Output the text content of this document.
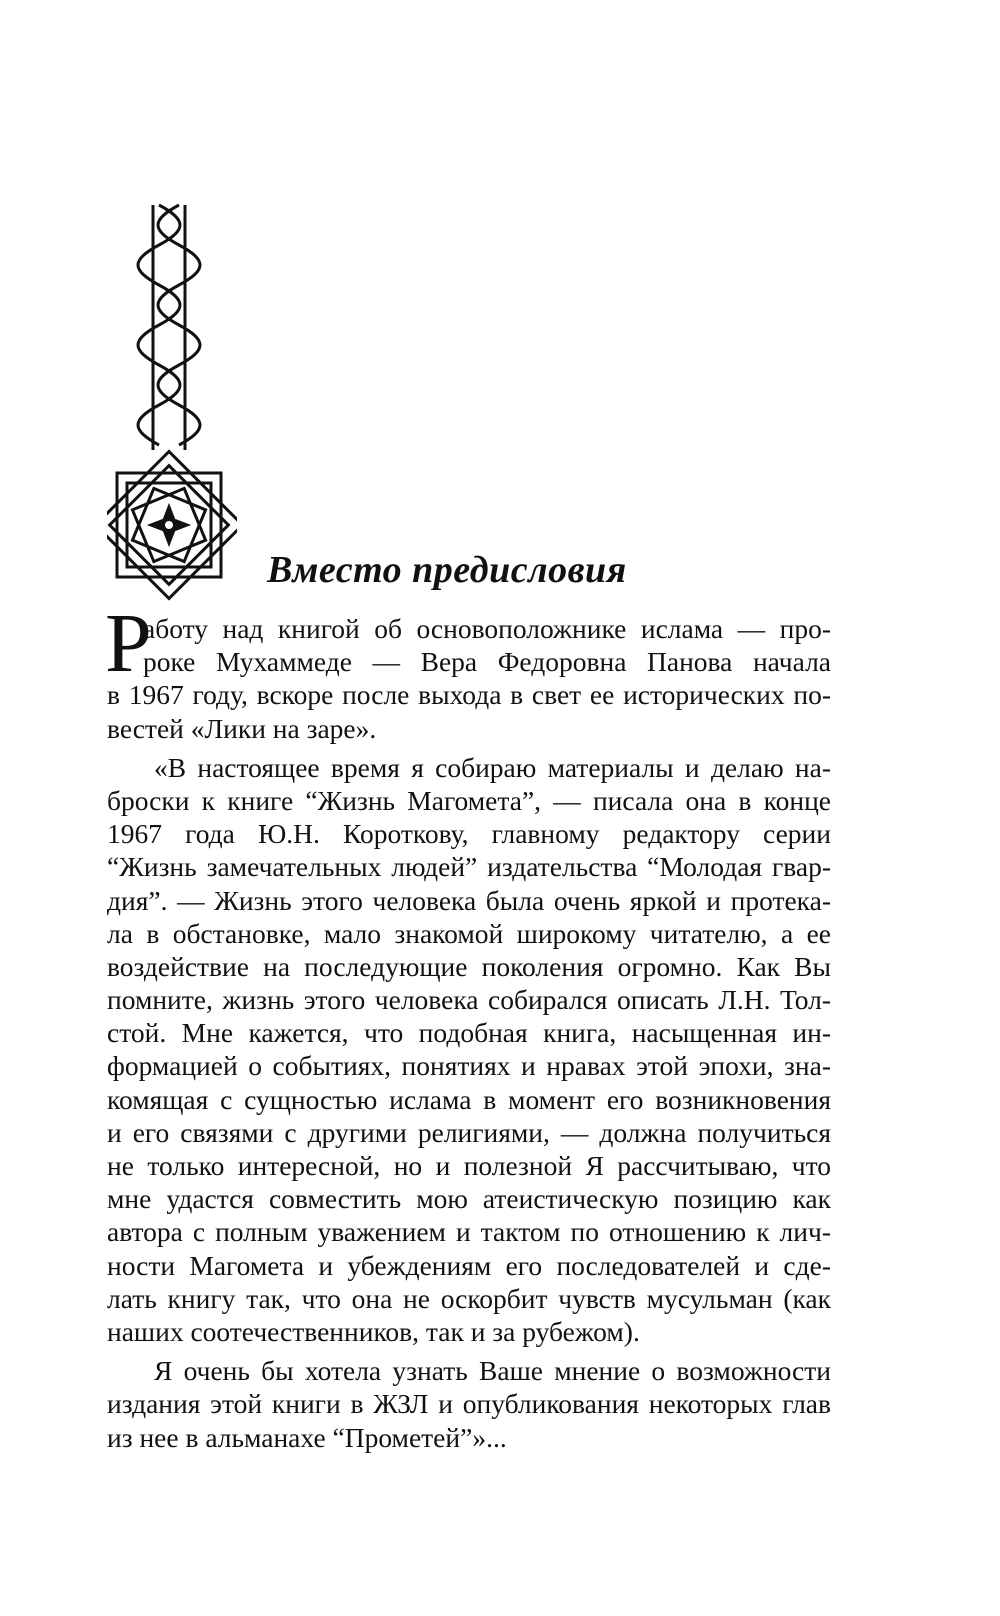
Вместо предисловия
Р
аботу над книгой об основоположнике ислама — про-
роке Мухаммеде — Вера Федоровна Панова начала
в 1967 году, вскоре после выхода в свет ее исторических по-
вестей «Лики на заре».
«В настоящее время я собираю материалы и делаю на-
броски к книге “Жизнь Магомета”, — писала она в конце
1967 года Ю.Н. Короткову, главному редактору серии
“Жизнь замечательных людей” издательства “Молодая гвар-
дия”. — Жизнь этого человека была очень яркой и протека-
ла в обстановке, мало знакомой широкому читателю, а ее
воздействие на последующие поколения огромно. Как Вы
помните, жизнь этого человека собирался описать Л.Н. Тол-
стой. Мне кажется, что подобная книга, насыщенная ин-
формацией о событиях, понятиях и нравах этой эпохи, зна-
комящая с сущностью ислама в момент его возникновения
и его связями с другими религиями, — должна получиться
не только интересной, но и полезной Я рассчитываю, что
мне удастся совместить мою атеистическую позицию как
автора с полным уважением и тактом по отношению к лич-
ности Магомета и убеждениям его последователей и сде-
лать книгу так, что она не оскорбит чувств мусульман (как
наших соотечественников, так и за рубежом).
Я очень бы хотела узнать Ваше мнение о возможности
издания этой книги в ЖЗЛ и опубликования некоторых глав
из нее в альманахе “Прометей”»...
